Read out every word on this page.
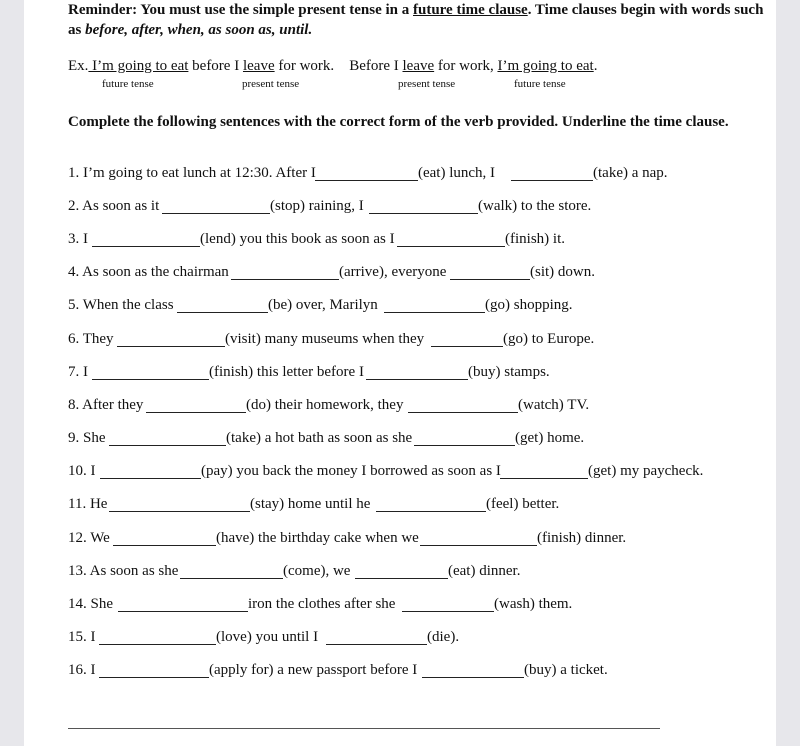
Reminder: You must use the simple present tense in a future time clause. Time clauses begin with words such as before, after, when, as soon as, until.
Ex. I’m going to eat before I leave for work. Before I leave for work, I’m going to eat.
future tense	present tense	present tense	future tense
Complete the following sentences with the correct form of the verb provided. Underline the time clause.
1. I’m going to eat lunch at 12:30. After I	(eat) lunch, I	(take) a nap.
2. As soon as it	(stop) raining, I	(walk) to the store.
3. I	(lend) you this book as soon as I	(finish) it.
4. As soon as the chairman	(arrive), everyone	(sit) down.
5. When the class	(be) over, Marilyn	(go) shopping.
6. They	(visit) many museums when they	(go) to Europe.
7. I	(finish) this letter before I	(buy) stamps.
8. After they	(do) their homework, they	(watch) TV.
9. She	(take) a hot bath as soon as she	(get) home.
10. I	(pay) you back the money I borrowed as soon as I	(get) my paycheck.
11. He	(stay) home until he	(feel) better.
12. We	(have) the birthday cake when we	(finish) dinner.
13. As soon as she	(come), we	(eat) dinner.
14. She	iron the clothes after she	(wash) them.
15. I	(love) you until I	(die).
16. I	(apply for) a new passport before I	(buy) a ticket.
